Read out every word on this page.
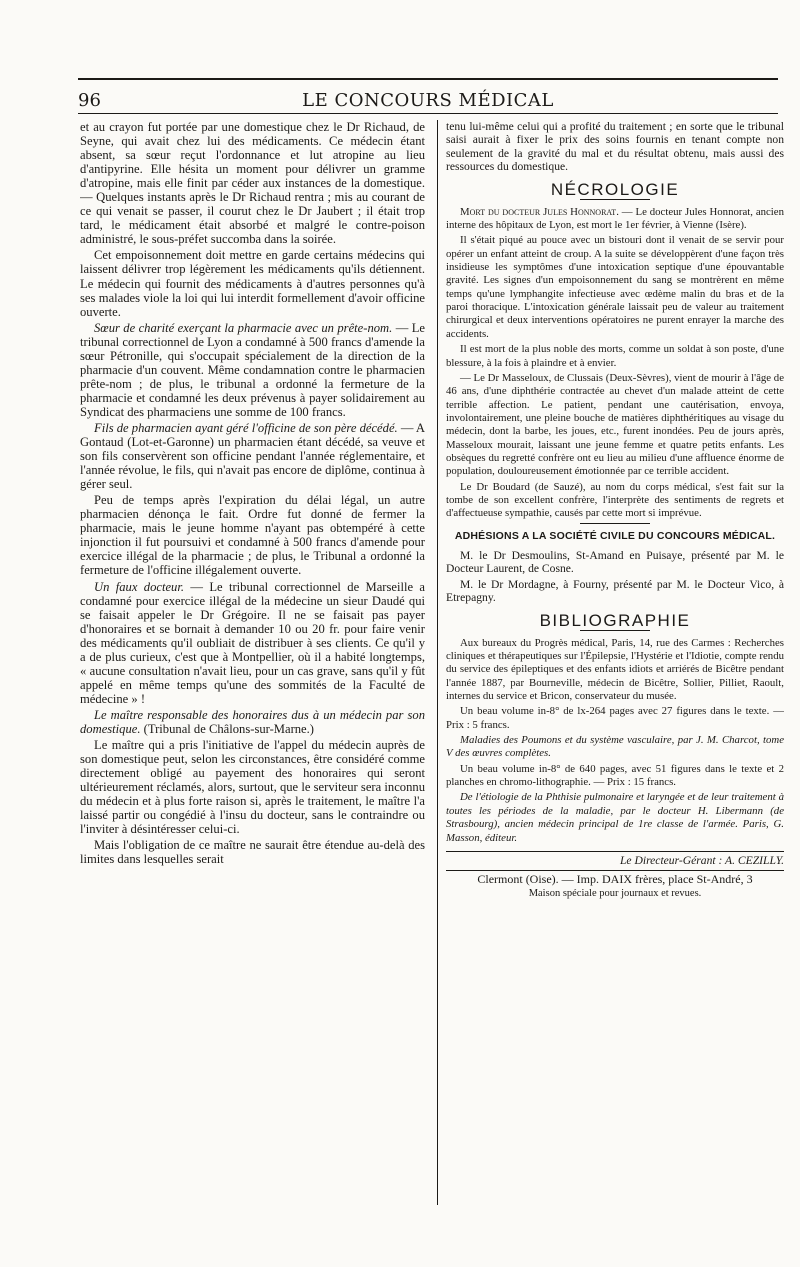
96	LE CONCOURS MÉDICAL

et au crayon fut portée par une domestique chez le Dr Richaud, de Seyne, qui avait chez lui des médicaments. Ce médecin étant absent, sa sœur reçut l'ordonnance et lut atropine au lieu d'antipyrine. Elle hésita un moment pour délivrer un gramme d'atropine, mais elle finit par céder aux instances de la domestique. — Quelques instants après le Dr Richaud rentra ; mis au courant de ce qui venait se passer, il courut chez le Dr Jaubert ; il était trop tard, le médicament était absorbé et malgré le contre-poison administré, le sous-préfet succomba dans la soirée.

Cet empoisonnement doit mettre en garde certains médecins qui laissent délivrer trop légèrement les médicaments qu'ils détiennent. Le médecin qui fournit des médicaments à d'autres personnes qu'à ses malades viole la loi qui lui interdit formellement d'avoir officine ouverte.

Sœur de charité exerçant la pharmacie avec un prête-nom. — Le tribunal correctionnel de Lyon a condamné à 500 francs d'amende la sœur Pétronille, qui s'occupait spécialement de la direction de la pharmacie d'un couvent. Même condamnation contre le pharmacien prête-nom ; de plus, le tribunal a ordonné la fermeture de la pharmacie et condamné les deux prévenus à payer solidairement au Syndicat des pharmaciens une somme de 100 francs.

Fils de pharmacien ayant géré l'officine de son père décédé. — A Gontaud (Lot-et-Garonne) un pharmacien étant décédé, sa veuve et son fils conservèrent son officine pendant l'année réglementaire, et l'année révolue, le fils, qui n'avait pas encore de diplôme, continua à gérer seul.

Peu de temps après l'expiration du délai légal, un autre pharmacien dénonça le fait. Ordre fut donné de fermer la pharmacie, mais le jeune homme n'ayant pas obtempéré à cette injonction il fut poursuivi et condamné à 500 francs d'amende pour exercice illégal de la pharmacie ; de plus, le Tribunal a ordonné la fermeture de l'officine illégalement ouverte.

Un faux docteur. — Le tribunal correctionnel de Marseille a condamné pour exercice illégal de la médecine un sieur Daudé qui se faisait appeler le Dr Grégoire. Il ne se faisait pas payer d'honoraires et se bornait à demander 10 ou 20 fr. pour faire venir des médicaments qu'il oubliait de distribuer à ses clients. Ce qu'il y a de plus curieux, c'est que à Montpellier, où il a habité longtemps, « aucune consultation n'avait lieu, pour un cas grave, sans qu'il y fût appelé en même temps qu'une des sommités de la Faculté de médecine » !

Le maître responsable des honoraires dus à un médecin par son domestique. (Tribunal de Châlons-sur-Marne.)

Le maître qui a pris l'initiative de l'appel du médecin auprès de son domestique peut, selon les circonstances, être considéré comme directement obligé au payement des honoraires qui seront ultérieurement réclamés, alors, surtout, que le serviteur sera inconnu du médecin et à plus forte raison si, après le traitement, le maître l'a laissé partir ou congédié à l'insu du docteur, sans le contraindre ou l'inviter à désintéresser celui-ci.

Mais l'obligation de ce maître ne saurait être étendue au-delà des limites dans lesquelles serait

tenu lui-même celui qui a profité du traitement ; en sorte que le tribunal saisi aurait à fixer le prix des soins fournis en tenant compte non seulement de la gravité du mal et du résultat obtenu, mais aussi des ressources du domestique.

NÉCROLOGIE

Mort du docteur Jules Honnorat. — Le docteur Jules Honnorat, ancien interne des hôpitaux de Lyon, est mort le 1er février, à Vienne (Isère).

Il s'était piqué au pouce avec un bistouri dont il venait de se servir pour opérer un enfant atteint de croup. A la suite se développèrent d'une façon très insidieuse les symptômes d'une intoxication septique d'une épouvantable gravité. Les signes d'un empoisonnement du sang se montrèrent en même temps qu'une lymphangite infectieuse avec œdème malin du bras et de la paroi thoracique. L'intoxication générale laissait peu de valeur au traitement chirurgical et deux interventions opératoires ne purent enrayer la marche des accidents.

Il est mort de la plus noble des morts, comme un soldat à son poste, d'une blessure, à la fois à plaindre et à envier.

— Le Dr Masseloux, de Clussais (Deux-Sèvres), vient de mourir à l'âge de 46 ans, d'une diphthérie contractée au chevet d'un malade atteint de cette terrible affection. Le patient, pendant une cautérisation, envoya, involontairement, une pleine bouche de matières diphthéritiques au visage du médecin, dont la barbe, les joues, etc., furent inondées. Peu de jours après, Masseloux mourait, laissant une jeune femme et quatre petits enfants. Les obsèques du regretté confrère ont eu lieu au milieu d'une affluence énorme de population, douloureusement émotionnée par ce terrible accident.

Le Dr Boudard (de Sauzé), au nom du corps médical, s'est fait sur la tombe de son excellent confrère, l'interprète des sentiments de regrets et d'affectueuse sympathie, causés par cette mort si imprévue.

ADHÉSIONS A LA SOCIÉTÉ CIVILE DU CONCOURS MÉDICAL.

M. le Dr Desmoulins, St-Amand en Puisaye, présenté par M. le Docteur Laurent, de Cosne.

M. le Dr Mordagne, à Fourny, présenté par M. le Docteur Vico, à Etrepagny.

BIBLIOGRAPHIE

Aux bureaux du Progrès médical, Paris, 14, rue des Carmes : Recherches cliniques et thérapeutiques sur l'Épilepsie, l'Hystérie et l'Idiotie, compte rendu du service des épileptiques et des enfants idiots et arriérés de Bicêtre pendant l'année 1887, par Bourneville, médecin de Bicêtre, Sollier, Pilliet, Raoult, internes du service et Bricon, conservateur du musée.

Un beau volume in-8° de lx-264 pages avec 27 figures dans le texte. — Prix : 5 francs.

Maladies des Poumons et du système vasculaire, par J. M. Charcot, tome V des œuvres complètes.

Un beau volume in-8° de 640 pages, avec 51 figures dans le texte et 2 planches en chromo-lithographie. — Prix : 15 francs.

De l'étiologie de la Phthisie pulmonaire et laryngée et de leur traitement à toutes les périodes de la maladie, par le docteur H. Libermann (de Strasbourg), ancien médecin principal de 1re classe de l'armée. Paris, G. Masson, éditeur.

Le Directeur-Gérant : A. CEZILLY.
Clermont (Oise). — Imp. DAIX frères, place St-André, 3
Maison spéciale pour journaux et revues.
